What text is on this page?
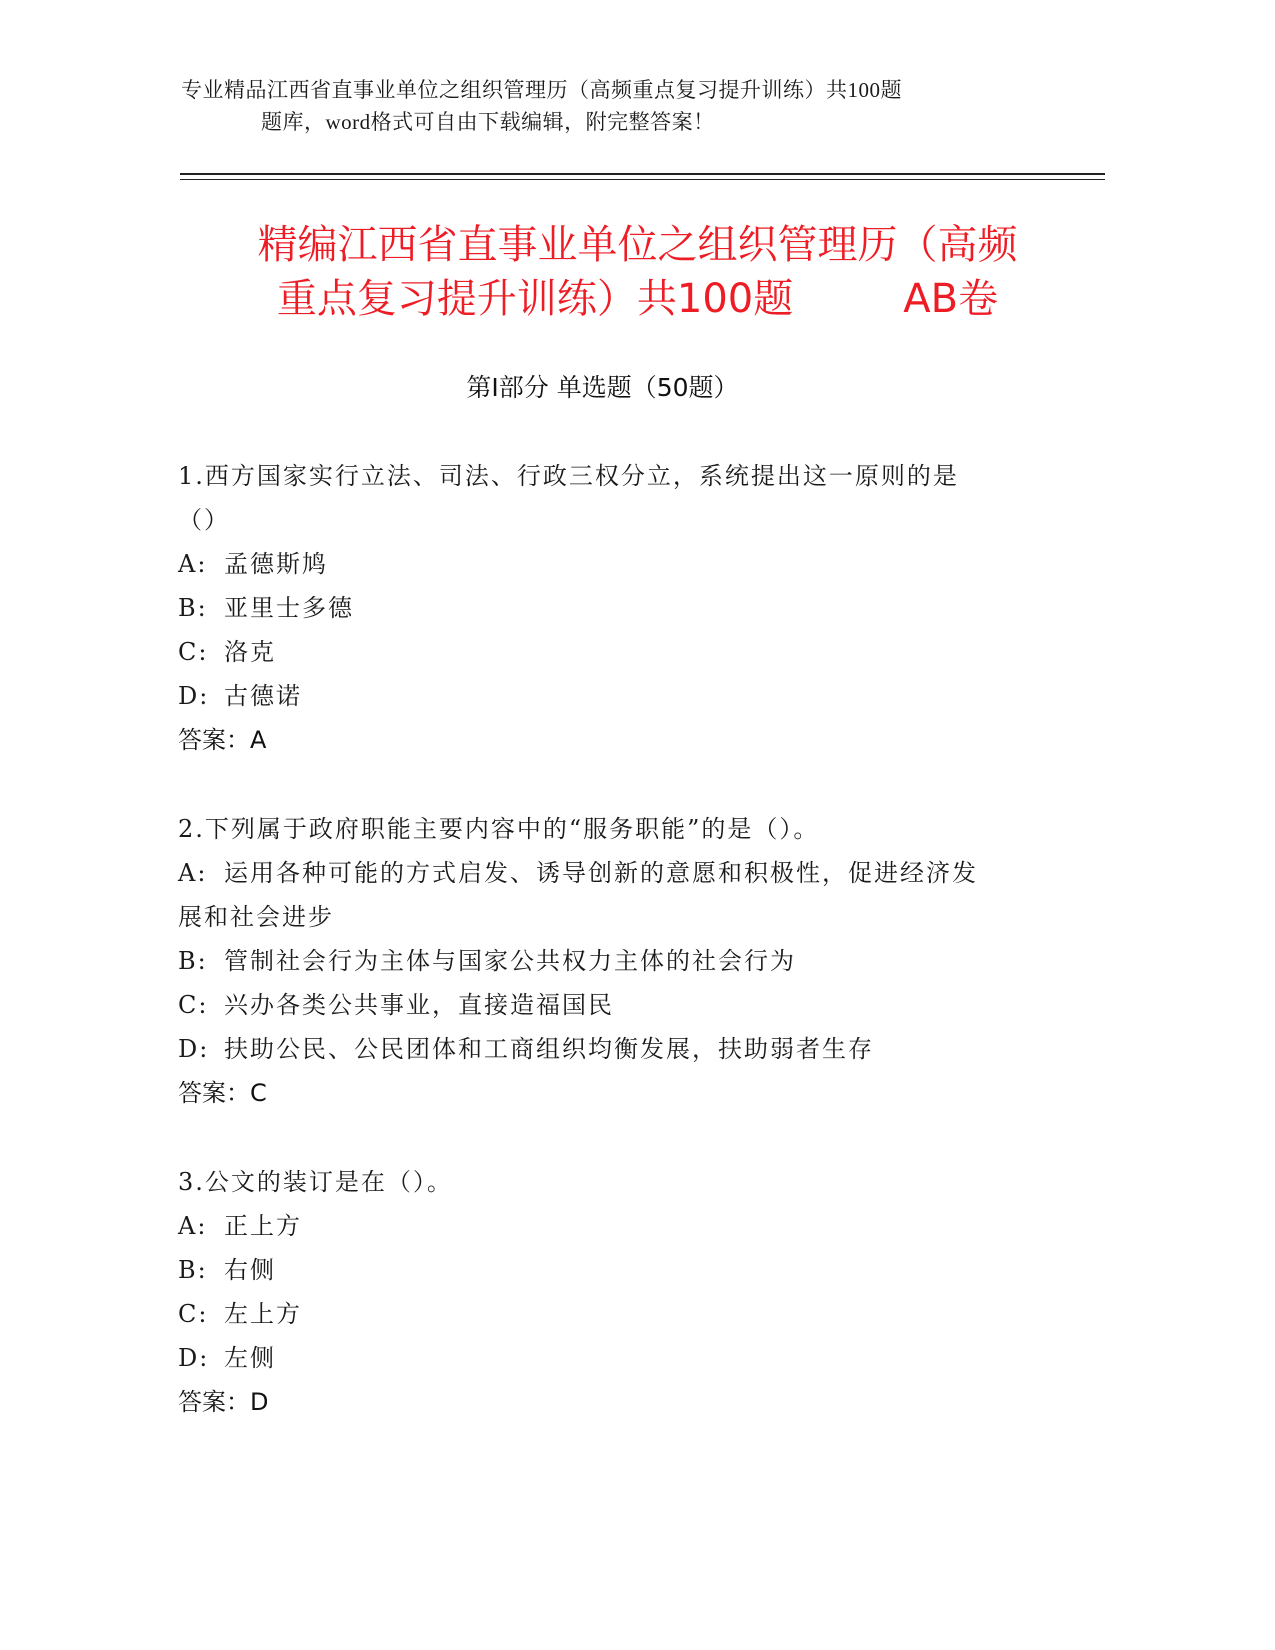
专业精品江西省直事业单位之组织管理历（高频重点复习提升训练）共100题
题库，word格式可自由下载编辑，附完整答案！
精编江西省直事业单位之组织管理历（高频
重点复习提升训练）共100题	AB卷
第Ⅰ部分 单选题（50题）

1.西方国家实行立法、司法、行政三权分立，系统提出这一原则的是

（）

A: 孟德斯鸠

B: 亚里士多德

C: 洛克

D: 古德诺

答案：A

2.下列属于政府职能主要内容中的“服务职能”的是（）。

A: 运用各种可能的方式启发、诱导创新的意愿和积极性，促进经济发

展和社会进步

B: 管制社会行为主体与国家公共权力主体的社会行为

C: 兴办各类公共事业，直接造福国民

D: 扶助公民、公民团体和工商组织均衡发展，扶助弱者生存

答案：C

3.公文的装订是在（）。

A: 正上方

B: 右侧

C: 左上方

D: 左侧

答案：D
